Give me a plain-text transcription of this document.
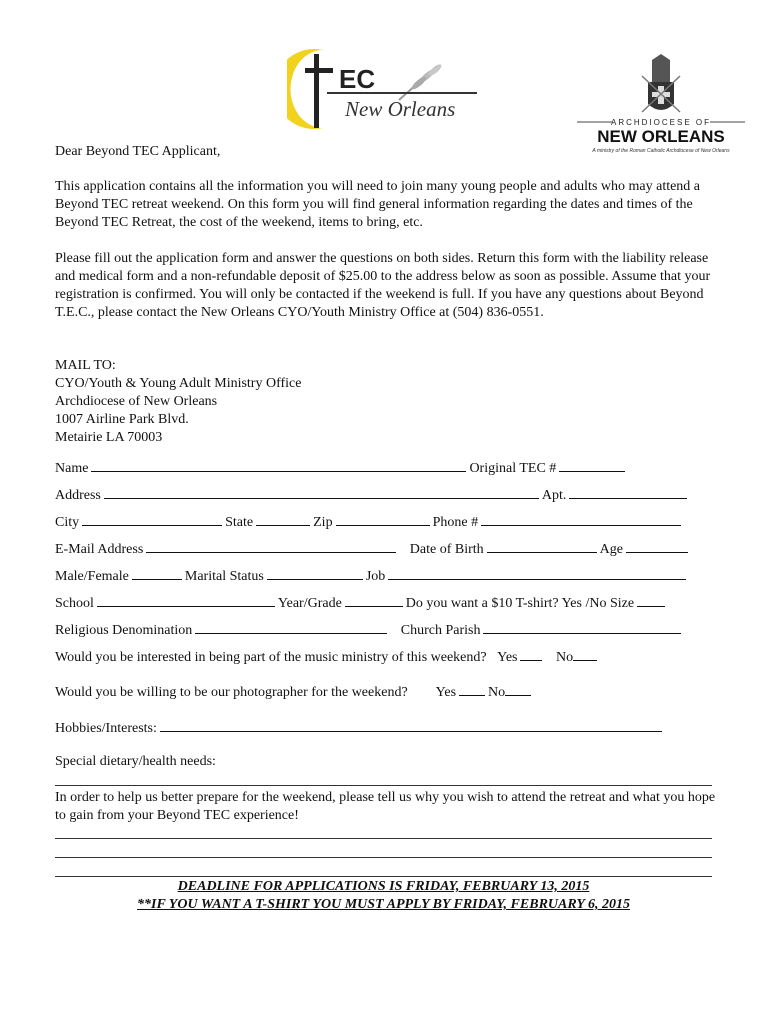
EC
New Orleans
ARCHDIOCESE OF
NEW ORLEANS
A ministry of the Roman Catholic Archdiocese of New Orleans
Dear Beyond TEC Applicant,
This application contains all the information you will need to join many young people and adults who may attend a Beyond TEC retreat weekend. On this form you will find general information regarding the dates and times of the Beyond TEC Retreat, the cost of the weekend, items to bring, etc.
Please fill out the application form and answer the questions on both sides. Return this form with the liability release and medical form and a non-refundable deposit of $25.00 to the address below as soon as possible. Assume that your registration is confirmed. You will only be contacted if the weekend is full. If you have any questions about Beyond T.E.C., please contact the New Orleans CYO/Youth Ministry Office at (504) 836-0551.
MAIL TO:
CYO/Youth & Young Adult Ministry Office
Archdiocese of New Orleans
1007 Airline Park Blvd.
Metairie LA 70003
Name	Original TEC #
Address	Apt.
City	State	Zip	Phone #
E-Mail Address	Date of Birth	Age
Male/Female	Marital Status	Job
School	Year/Grade	Do you want a $10 T-shirt? Yes /No Size
Religious Denomination	Church Parish
Would you be interested in being part of the music ministry of this weekend? Yes	No
Would you be willing to be our photographer for the weekend? Yes No
Hobbies/Interests:
Special dietary/health needs:
In order to help us better prepare for the weekend, please tell us why you wish to attend the retreat and what you hope to gain from your Beyond TEC experience!
DEADLINE FOR APPLICATIONS IS FRIDAY, FEBRUARY 13, 2015
**IF YOU WANT A T-SHIRT YOU MUST APPLY BY FRIDAY, FEBRUARY 6, 2015
